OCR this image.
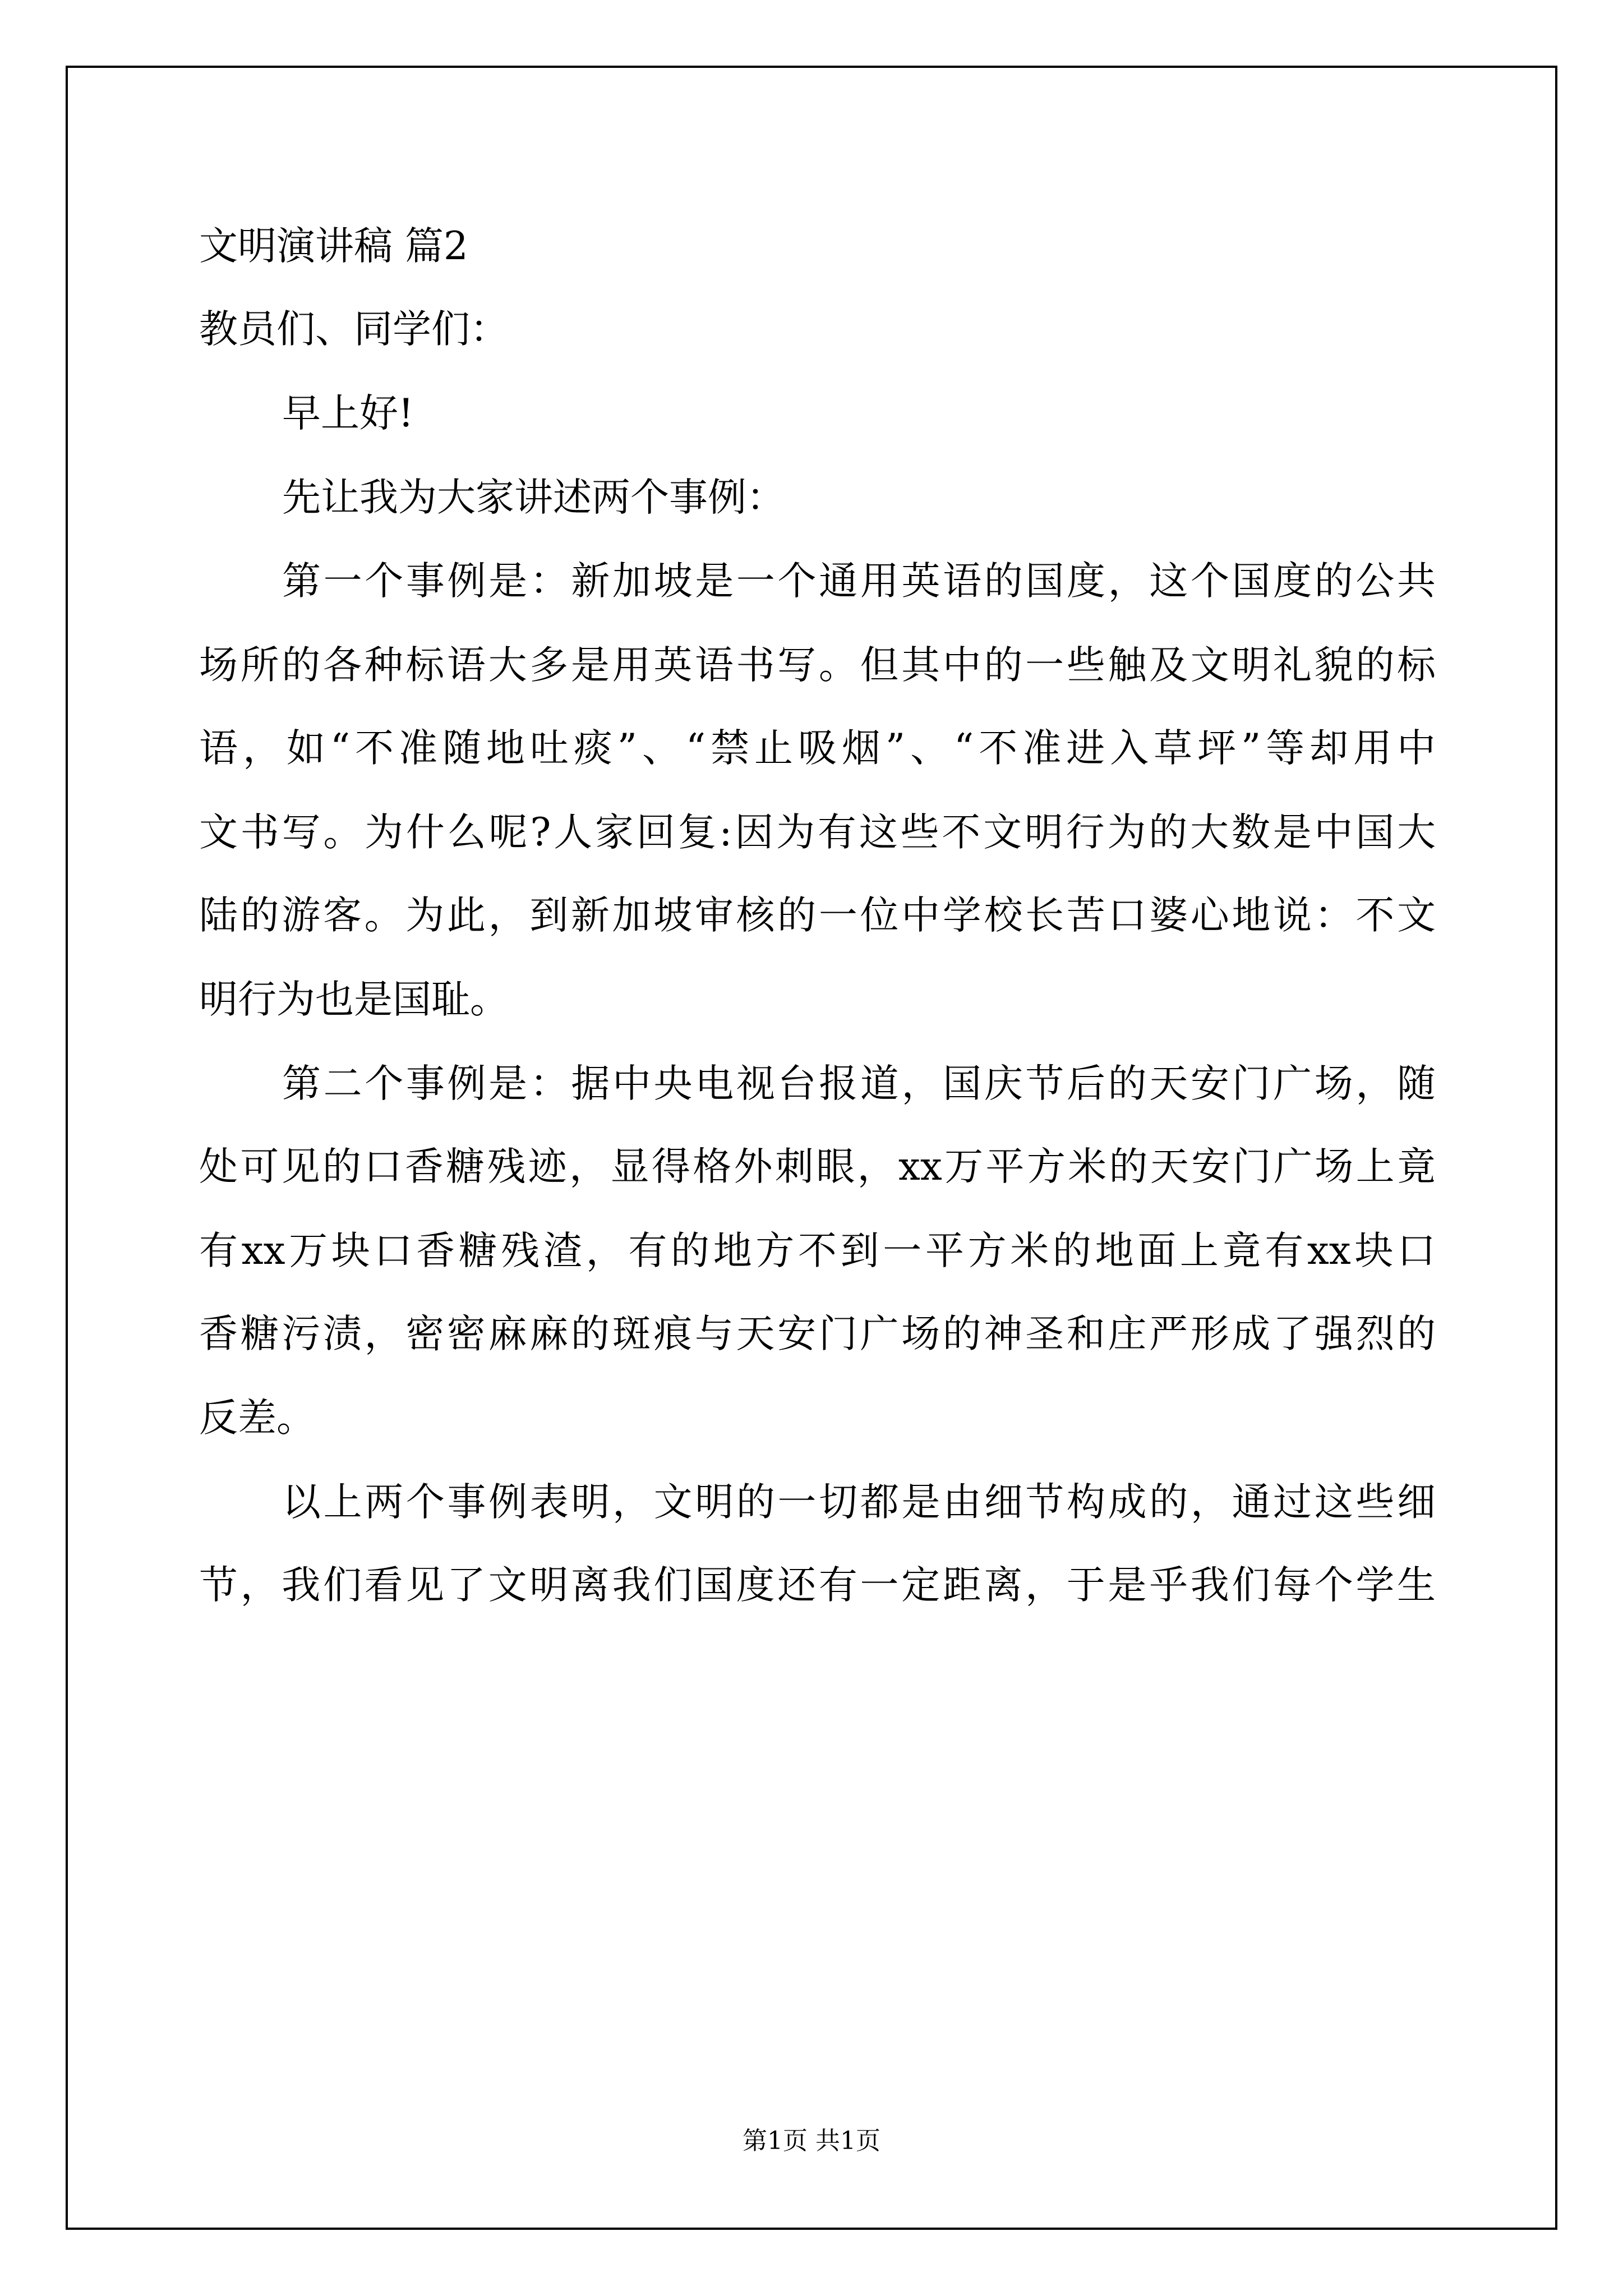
文明演讲稿 篇2
教员们、同学们：
早上好!
先让我为大家讲述两个事例：
第一个事例是：新加坡是一个通用英语的国度，这个国度的公共
场所的各种标语大多是用英语书写。但其中的一些触及文明礼貌的标
语，如“不准随地吐痰”、“禁止吸烟”、“不准进入草坪”等却用中
文书写。为什么呢?人家回复:因为有这些不文明行为的大数是中国大
陆的游客。为此，到新加坡审核的一位中学校长苦口婆心地说：不文
明行为也是国耻。
第二个事例是：据中央电视台报道，国庆节后的天安门广场，随
处可见的口香糖残迹，显得格外刺眼，xx万平方米的天安门广场上竟
有xx万块口香糖残渣，有的地方不到一平方米的地面上竟有xx块口
香糖污渍，密密麻麻的斑痕与天安门广场的神圣和庄严形成了强烈的
反差。
以上两个事例表明，文明的一切都是由细节构成的，通过这些细
节，我们看见了文明离我们国度还有一定距离，于是乎我们每个学生
第1页 共1页
